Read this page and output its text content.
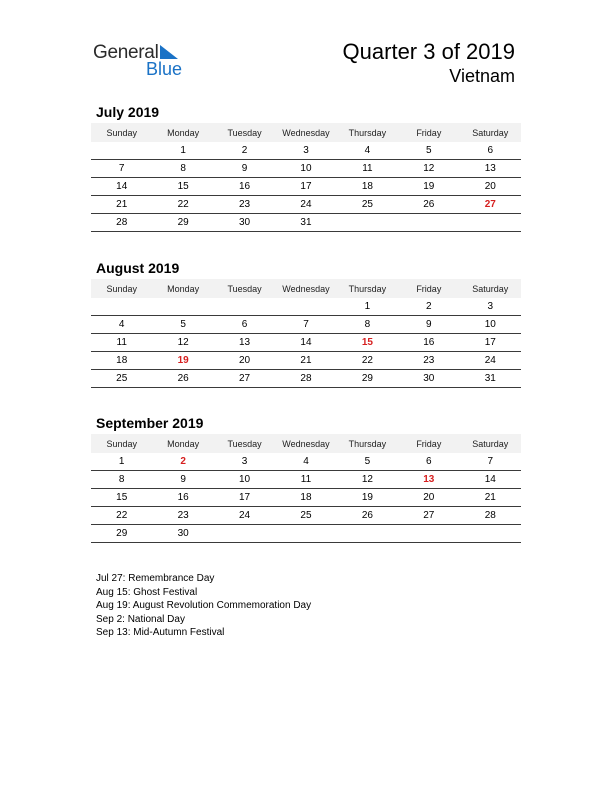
General
Blue
Quarter 3 of 2019
Vietnam
July 2019
Sunday	Monday	Tuesday	Wednesday	Thursday	Friday	Saturday
	1	2	3	4	5	6
7	8	9	10	11	12	13
14	15	16	17	18	19	20
21	22	23	24	25	26	27
28	29	30	31			
August 2019
Sunday	Monday	Tuesday	Wednesday	Thursday	Friday	Saturday
				1	2	3
4	5	6	7	8	9	10
11	12	13	14	15	16	17
18	19	20	21	22	23	24
25	26	27	28	29	30	31
September 2019
Sunday	Monday	Tuesday	Wednesday	Thursday	Friday	Saturday
1	2	3	4	5	6	7
8	9	10	11	12	13	14
15	16	17	18	19	20	21
22	23	24	25	26	27	28
29	30					
Jul 27: Remembrance Day
Aug 15: Ghost Festival
Aug 19: August Revolution Commemoration Day
Sep 2: National Day
Sep 13: Mid-Autumn Festival
